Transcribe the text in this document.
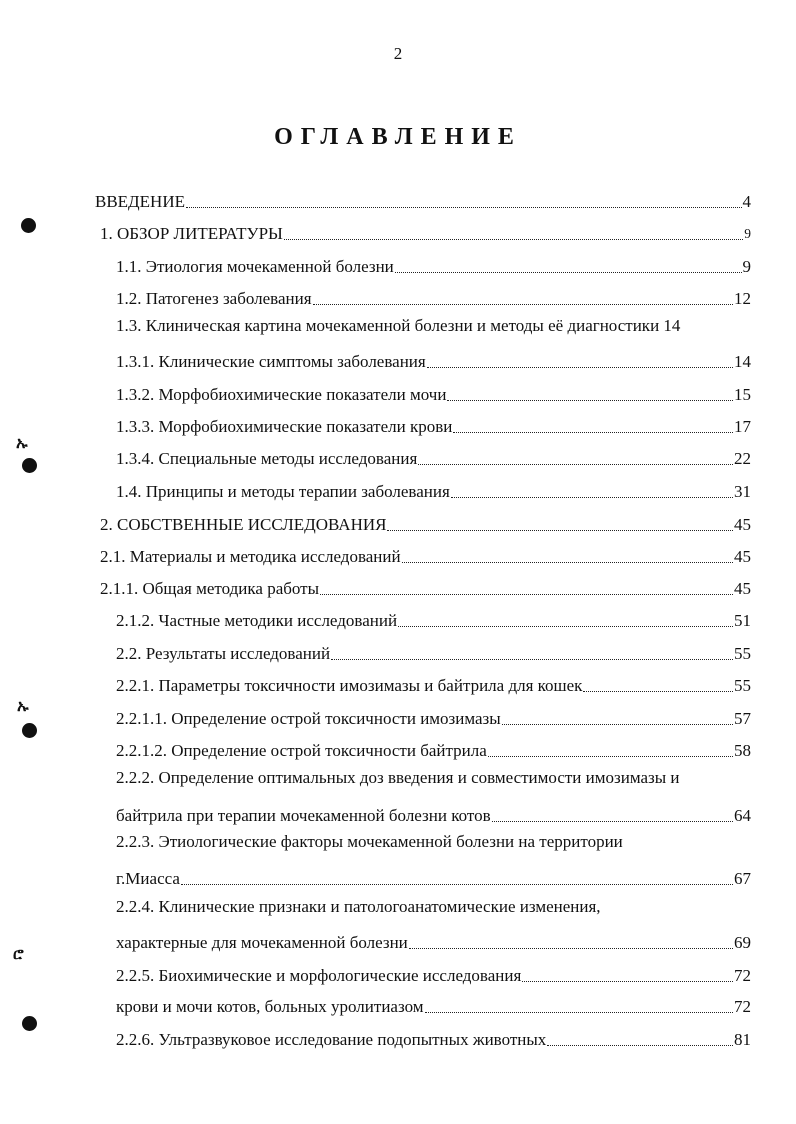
2
ОГЛАВЛЕНИЕ
ВВЕДЕНИЕ	4
1. ОБЗОР ЛИТЕРАТУРЫ	9
1.1. Этиология мочекаменной болезни	9
1.2. Патогенез заболевания	12
1.3. Клиническая картина мочекаменной болезни и методы её диагностики 14
1.3.1. Клинические симптомы заболевания	14
1.3.2. Морфобиохимические показатели мочи	15
1.3.3. Морфобиохимические показатели крови	17
1.3.4. Специальные методы исследования	22
1.4. Принципы и методы терапии заболевания	31
2. СОБСТВЕННЫЕ ИССЛЕДОВАНИЯ	45
2.1. Материалы и методика исследований	45
2.1.1. Общая методика работы	45
2.1.2. Частные методики исследований	51
2.2. Результаты исследований	55
2.2.1. Параметры токсичности имозимазы и байтрила для кошек	55
2.2.1.1. Определение острой токсичности имозимазы	57
2.2.1.2. Определение острой токсичности байтрила	58
2.2.2. Определение оптимальных доз введения и совместимости имозимазы и
байтрила при терапии мочекаменной болезни котов	64
2.2.3. Этиологические факторы мочекаменной болезни на территории
г.Миасса	67
2.2.4. Клинические признаки и патологоанатомические изменения,
характерные для мочекаменной болезни	69
2.2.5. Биохимические и морфологические исследования	72
крови и мочи котов, больных уролитиазом	72
2.2.6. Ультразвуковое исследование подопытных животных	81
ኡ
ኡ
ሮ
